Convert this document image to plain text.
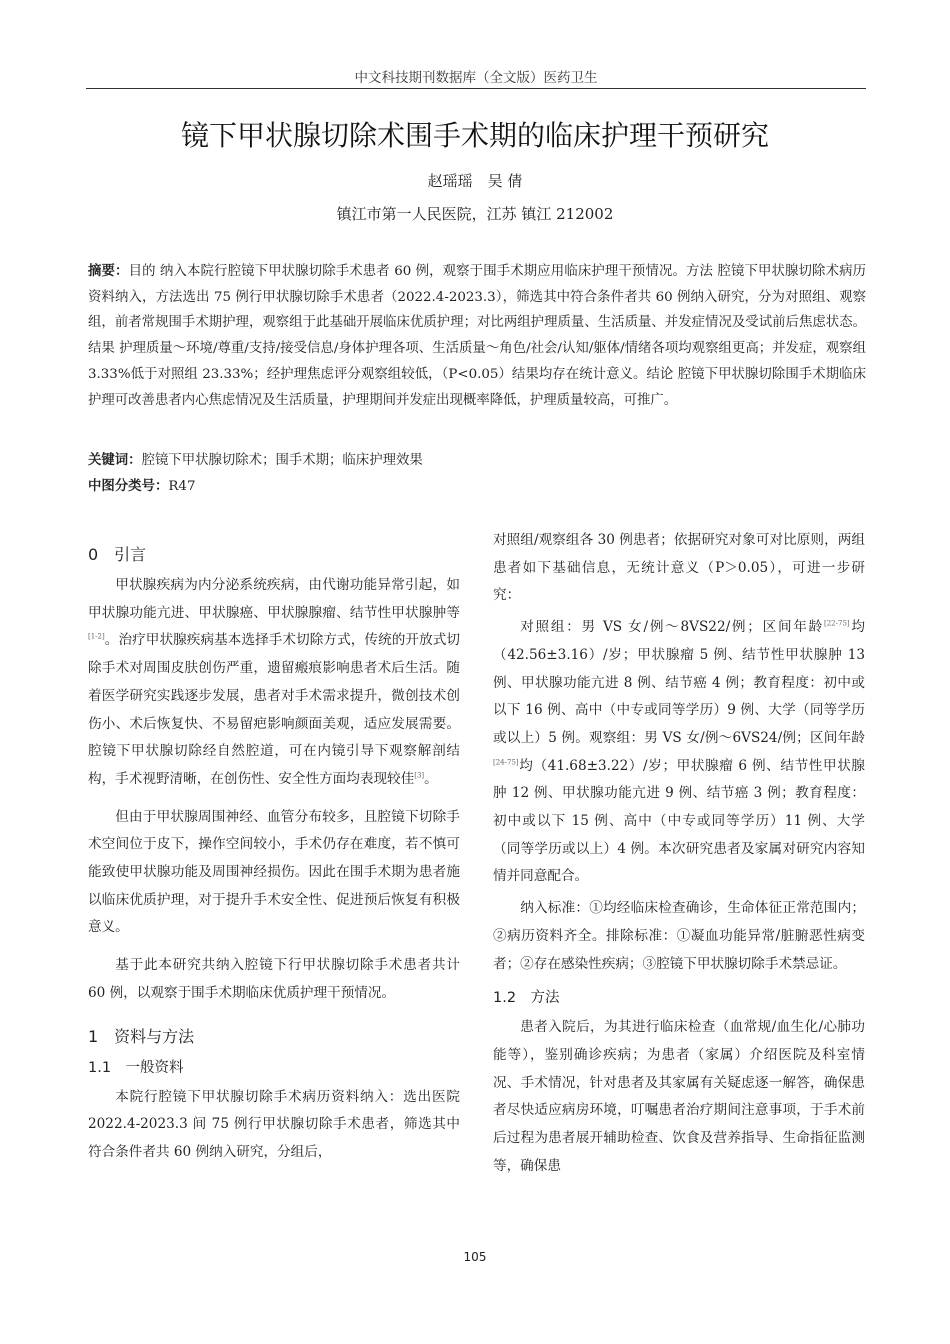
中文科技期刊数据库（全文版）医药卫生
镜下甲状腺切除术围手术期的临床护理干预研究
赵瑶瑶　吴 倩
镇江市第一人民医院，江苏 镇江 212002
摘要：目的 纳入本院行腔镜下甲状腺切除手术患者 60 例，观察于围手术期应用临床护理干预情况。方法 腔镜下甲状腺切除术病历资料纳入，方法选出 75 例行甲状腺切除手术患者（2022.4-2023.3），筛选其中符合条件者共 60 例纳入研究，分为对照组、观察组，前者常规围手术期护理，观察组于此基础开展临床优质护理；对比两组护理质量、生活质量、并发症情况及受试前后焦虑状态。结果 护理质量～环境/尊重/支持/接受信息/身体护理各项、生活质量～角色/社会/认知/躯体/情绪各项均观察组更高；并发症，观察组 3.33%低于对照组 23.33%；经护理焦虑评分观察组较低，（P<0.05）结果均存在统计意义。结论 腔镜下甲状腺切除围手术期临床护理可改善患者内心焦虑情况及生活质量，护理期间并发症出现概率降低，护理质量较高，可推广。
关键词：腔镜下甲状腺切除术；围手术期；临床护理效果
中图分类号：R47
0　引言

甲状腺疾病为内分泌系统疾病，由代谢功能异常引起，如甲状腺功能亢进、甲状腺癌、甲状腺腺瘤、结节性甲状腺肿等[1-2]。治疗甲状腺疾病基本选择手术切除方式，传统的开放式切除手术对周围皮肤创伤严重，遗留瘢痕影响患者术后生活。随着医学研究实践逐步发展，患者对手术需求提升，微创技术创伤小、术后恢复快、不易留疤影响颜面美观，适应发展需要。腔镜下甲状腺切除经自然腔道，可在内镜引导下观察解剖结构，手术视野清晰，在创伤性、安全性方面均表现较佳[3]。

但由于甲状腺周围神经、血管分布较多，且腔镜下切除手术空间位于皮下，操作空间较小，手术仍存在难度，若不慎可能致使甲状腺功能及周围神经损伤。因此在围手术期为患者施以临床优质护理，对于提升手术安全性、促进预后恢复有积极意义。

基于此本研究共纳入腔镜下行甲状腺切除手术患者共计 60 例，以观察于围手术期临床优质护理干预情况。

1　资料与方法
1.1　一般资料

本院行腔镜下甲状腺切除手术病历资料纳入：选出医院 2022.4-2023.3 间 75 例行甲状腺切除手术患者，筛选其中符合条件者共 60 例纳入研究，分组后，

对照组/观察组各 30 例患者；依据研究对象可对比原则，两组患者如下基础信息，无统计意义（P＞0.05），可进一步研究：

对照组：男 VS 女/例～8VS22/例；区间年龄[22-75]均（42.56±3.16）/岁；甲状腺瘤 5 例、结节性甲状腺肿 13 例、甲状腺功能亢进 8 例、结节癌 4 例；教育程度：初中或以下 16 例、高中（中专或同等学历）9 例、大学（同等学历或以上）5 例。观察组：男 VS 女/例～6VS24/例；区间年龄[24-75]均（41.68±3.22）/岁；甲状腺瘤 6 例、结节性甲状腺肿 12 例、甲状腺功能亢进 9 例、结节癌 3 例；教育程度：初中或以下 15 例、高中（中专或同等学历）11 例、大学（同等学历或以上）4 例。本次研究患者及家属对研究内容知情并同意配合。

纳入标准：①均经临床检查确诊，生命体征正常范围内；②病历资料齐全。排除标准：①凝血功能异常/脏腑恶性病变者；②存在感染性疾病；③腔镜下甲状腺切除手术禁忌证。

1.2　方法

患者入院后，为其进行临床检查（血常规/血生化/心肺功能等），鉴别确诊疾病；为患者（家属）介绍医院及科室情况、手术情况，针对患者及其家属有关疑虑逐一解答，确保患者尽快适应病房环境，叮嘱患者治疗期间注意事项，于手术前后过程为患者展开辅助检查、饮食及营养指导、生命指征监测等，确保患

105
